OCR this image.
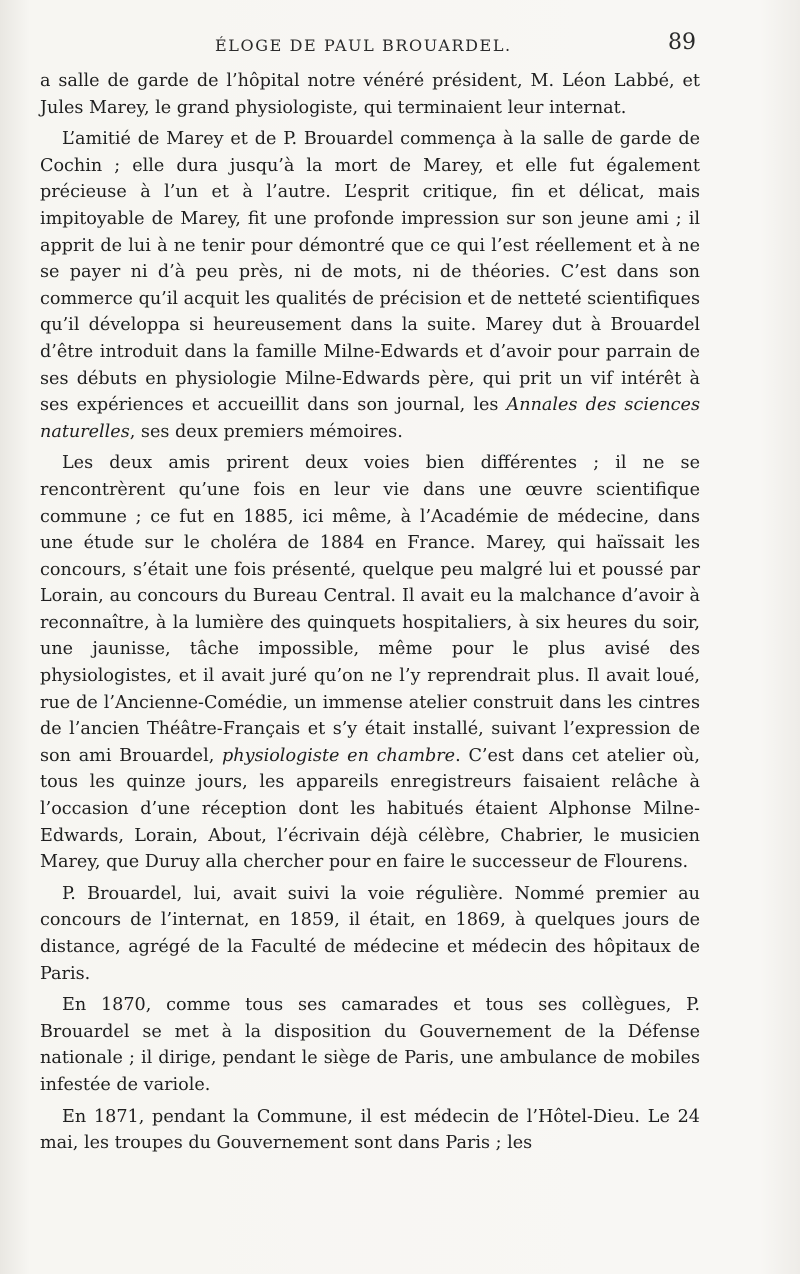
ÉLOGE DE PAUL BROUARDEL.	89

a salle de garde de l’hôpital notre vénéré président, M. Léon Labbé, et Jules Marey, le grand physiologiste, qui terminaient leur internat.

L’amitié de Marey et de P. Brouardel commença à la salle de garde de Cochin ; elle dura jusqu’à la mort de Marey, et elle fut également précieuse à l’un et à l’autre. L’esprit critique, fin et délicat, mais impitoyable de Marey, fit une profonde impression sur son jeune ami ; il apprit de lui à ne tenir pour démontré que ce qui l’est réellement et à ne se payer ni d’à peu près, ni de mots, ni de théories. C’est dans son commerce qu’il acquit les qualités de précision et de netteté scientifiques qu’il développa si heureusement dans la suite. Marey dut à Brouardel d’être introduit dans la famille Milne-Edwards et d’avoir pour parrain de ses débuts en physiologie Milne-Edwards père, qui prit un vif intérêt à ses expériences et accueillit dans son journal, les Annales des sciences naturelles, ses deux premiers mémoires.

Les deux amis prirent deux voies bien différentes ; il ne se rencontrèrent qu’une fois en leur vie dans une œuvre scientifique commune ; ce fut en 1885, ici même, à l’Académie de médecine, dans une étude sur le choléra de 1884 en France. Marey, qui haïssait les concours, s’était une fois présenté, quelque peu malgré lui et poussé par Lorain, au concours du Bureau Central. Il avait eu la malchance d’avoir à reconnaître, à la lumière des quinquets hospitaliers, à six heures du soir, une jaunisse, tâche impossible, même pour le plus avisé des physiologistes, et il avait juré qu’on ne l’y reprendrait plus. Il avait loué, rue de l’Ancienne-Comédie, un immense atelier construit dans les cintres de l’ancien Théâtre-Français et s’y était installé, suivant l’expression de son ami Brouardel, physiologiste en chambre. C’est dans cet atelier où, tous les quinze jours, les appareils enregistreurs faisaient relâche à l’occasion d’une réception dont les habitués étaient Alphonse Milne-Edwards, Lorain, About, l’écrivain déjà célèbre, Chabrier, le musicien Marey, que Duruy alla chercher pour en faire le successeur de Flourens.

P. Brouardel, lui, avait suivi la voie régulière. Nommé premier au concours de l’internat, en 1859, il était, en 1869, à quelques jours de distance, agrégé de la Faculté de médecine et médecin des hôpitaux de Paris.

En 1870, comme tous ses camarades et tous ses collègues, P. Brouardel se met à la disposition du Gouvernement de la Défense nationale ; il dirige, pendant le siège de Paris, une ambulance de mobiles infestée de variole.

En 1871, pendant la Commune, il est médecin de l’Hôtel-Dieu. Le 24 mai, les troupes du Gouvernement sont dans Paris ; les
